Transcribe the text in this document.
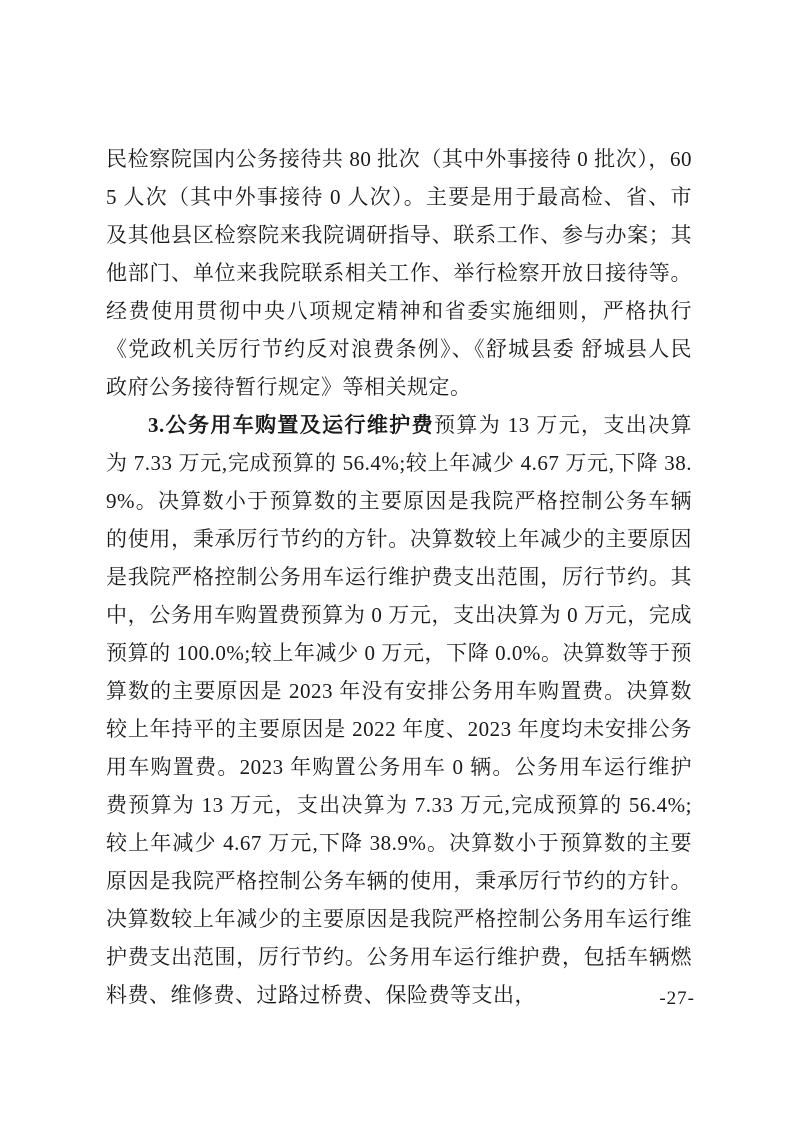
民检察院国内公务接待共 80 批次（其中外事接待 0 批次），605 人次（其中外事接待 0 人次）。主要是用于最高检、省、市及其他县区检察院来我院调研指导、联系工作、参与办案；其他部门、单位来我院联系相关工作、举行检察开放日接待等。经费使用贯彻中央八项规定精神和省委实施细则，严格执行《党政机关厉行节约反对浪费条例》、《舒城县委 舒城县人民政府公务接待暂行规定》等相关规定。

3.公务用车购置及运行维护费预算为 13 万元，支出决算为 7.33 万元,完成预算的 56.4%;较上年减少 4.67 万元,下降 38.9%。决算数小于预算数的主要原因是我院严格控制公务车辆的使用，秉承厉行节约的方针。决算数较上年减少的主要原因是我院严格控制公务用车运行维护费支出范围，厉行节约。其中，公务用车购置费预算为 0 万元，支出决算为 0 万元，完成预算的 100.0%;较上年减少 0 万元，下降 0.0%。决算数等于预算数的主要原因是 2023 年没有安排公务用车购置费。决算数较上年持平的主要原因是 2022 年度、2023 年度均未安排公务用车购置费。2023 年购置公务用车 0 辆。公务用车运行维护费预算为 13 万元，支出决算为 7.33 万元,完成预算的 56.4%;较上年减少 4.67 万元,下降 38.9%。决算数小于预算数的主要原因是我院严格控制公务车辆的使用，秉承厉行节约的方针。决算数较上年减少的主要原因是我院严格控制公务用车运行维护费支出范围，厉行节约。公务用车运行维护费，包括车辆燃料费、维修费、过路过桥费、保险费等支出，	-27-
